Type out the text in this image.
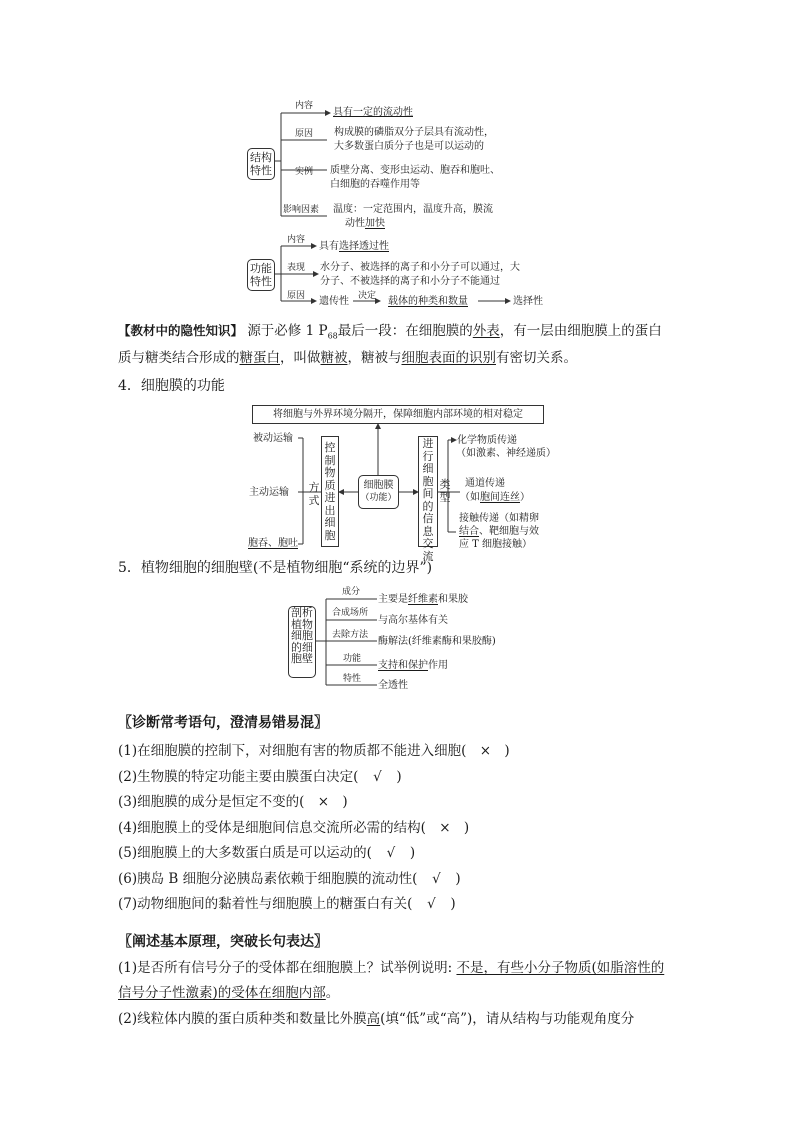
结构特性
内容
具有一定的流动性
原因 构成膜的磷脂双分子层具有流动性，
大多数蛋白质分子也是可以运动的
实例 质壁分离、变形虫运动、胞吞和胞吐、
白细胞的吞噬作用等
影响因素 温度：一定范围内，温度升高，膜流
动性加快
功能特性
内容
具有选择透过性
表现 水分子、被选择的离子和小分子可以通过，大
分子、不被选择的离子和小分子不能通过
原因 遗传性 决定 载体的种类和数量	选择性
【教材中的隐性知识】 源于必修 1 $P_{68}$最后一段：在细胞膜的外表，有一层由细胞膜上的蛋白
质与糖类结合形成的糖蛋白，叫做糖被，糖被与细胞表面的识别有密切关系。
4．细胞膜的功能
将细胞与外界环境分隔开，保障细胞内部环境的相对稳定
细胞膜
（功能）
控制物质进出细胞
方式
被动运输
主动运输
胞吞、胞吐
进行细胞间的信息交流
类型
化学物质传递
（如激素、神经递质）
通道传递
（如胞间连丝）
接触传递（如精卵
结合、靶细胞与效
应 T 细胞接触）
5．植物细胞的细胞壁(不是植物细胞“系统的边界”)
剖析植物细胞的细胞壁
成分
主要是纤维素和果胶
合成场所
与高尔基体有关
去除方法
酶解法(纤维素酶和果胶酶)
功能
支持和保护作用
特性
全透性
〖诊断常考语句，澄清易错易混〗
(1)在细胞膜的控制下，对细胞有害的物质都不能进入细胞( × )
(2)生物膜的特定功能主要由膜蛋白决定( √ )
(3)细胞膜的成分是恒定不变的( × )
(4)细胞膜上的受体是细胞间信息交流所必需的结构( × )
(5)细胞膜上的大多数蛋白质是可以运动的( √ )
(6)胰岛 B 细胞分泌胰岛素依赖于细胞膜的流动性( √ )
(7)动物细胞间的黏着性与细胞膜上的糖蛋白有关( √ )
〖阐述基本原理，突破长句表达〗
(1)是否所有信号分子的受体都在细胞膜上？试举例说明: 不是，有些小分子物质(如脂溶性的
信号分子性激素)的受体在细胞内部。
(2)线粒体内膜的蛋白质种类和数量比外膜高(填“低”或“高”)，请从结构与功能观角度分
